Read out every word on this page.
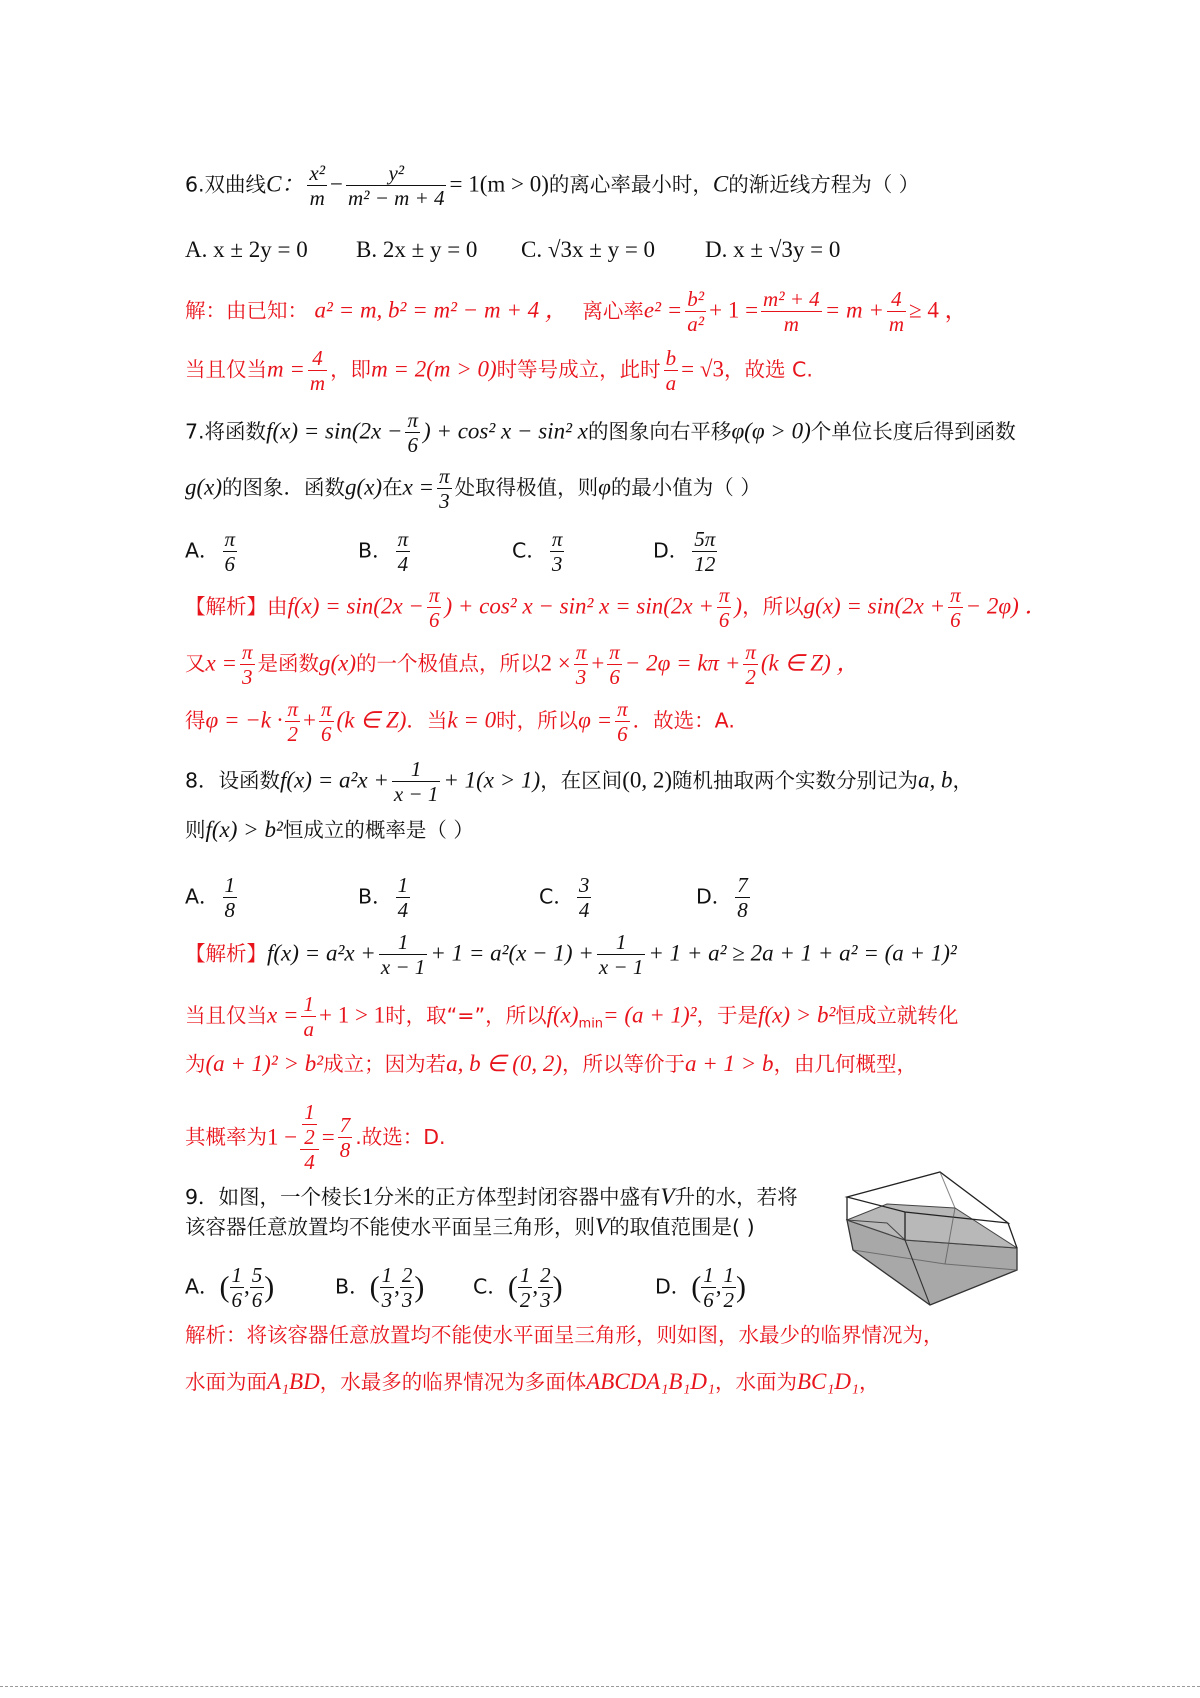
6.双曲线C： $\frac{\text{x²}}{m} - \frac{\text{y²}}{\text{m² − m + 4}} = 1(m > 0)$的离心率最小时，C的渐近线方程为（ ）
A. x ± 2y = 0 B. 2x ± y = 0 C. √3x ± y = 0 D. x ± √3y = 0
解：由已知： a² = m, b² = m² − m + 4 ， 离心率$e^2 = \frac{\text{b²}}{\text{a²}} + 1 = \frac{\text{m² + 4}}{m} = m + \frac{4}{m} \ge 4$ ，
当且仅当$m = \frac{4}{m}$ ，即m = 2(m > 0)时等号成立，此时 $\frac{b}{a} = √3$，故选 C.
7.将函数$f(x) = \sin(2x - \frac{\pi}{6}$ ) + cos² x − sin² x的图象向右平移φ(φ > 0)个单位长度后得到函数
g(x)的图象．函数g(x)在$x = \frac{\pi}{3}$ 处取得极值，则φ的最小值为（ ）
A． $\frac{\pi}{6}$	B． $\frac{\pi}{4}$	C． $\frac{\pi}{3}$	D． $\frac{5\pi}{12}$
【解析】由$f(x) = \sin(2x - \frac{\pi}{6}$ ) + cos² x − sin² $x = \sin(2x + \frac{\pi}{6}$ )，所以$g(x) = \sin(2x + \frac{\pi}{6} - 2\varphi)$ ．
又$x = \frac{\pi}{3}$ 是函数g(x)的一个极值点，所以$2 \times \frac{\pi}{3} + \frac{\pi}{6} - 2\varphi = k\pi + \frac{\pi}{2} (k$ ∈ Z) ，
得$\varphi = -k \cdot \frac{\pi}{2} + \frac{\pi}{6} (k$ ∈ Z)．当k = 0时，所以$\varphi = \frac{\pi}{6}$ ．故选：A.
8．设函数$f(x) = a^2x + \frac{1}{x - 1} + 1(x > 1)$，在区间(0, 2)随机抽取两个实数分别记为a, b，
则f(x) > b²恒成立的概率是（ ）
A． $\frac{1}{8}$	B． $\frac{1}{4}$	C． $\frac{3}{4}$	D． $\frac{7}{8}$
【解析】$f(x) = a^2x + \frac{1}{x - 1} + 1 = a^2(x - 1) + \frac{1}{x - 1} + 1 + a^2 \ge 2a + 1 + a^2 = (a + 1)^2$
当且仅当$x = \frac{1}{a} + 1 > 1$时，取“=”，所以$f(x)_{min}= (a + 1)^2$，于是f(x) > b²恒成立就转化
为(a + 1)² > b²成立；因为若a, b ∈ (0, 2)，所以等价于a + 1 > b，由几何概型，
其概率为$1 - \frac{\frac{1}{2}}{4} = \frac{7}{8}$ .故选：D.
9．如图，一个棱长1分米的正方体型封闭容器中盛有V升的水，若将
该容器任意放置均不能使水平面呈三角形，则V的取值范围是( )
A．( $\frac{1}{6}$ , $\frac{5}{6}$ )	B．( $\frac{1}{3}$ , $\frac{2}{3}$ ) C．( $\frac{1}{2}$ , $\frac{2}{3}$ )	D．( $\frac{1}{6}$ , $\frac{1}{2}$ )
解析：将该容器任意放置均不能使水平面呈三角形，则如图，水最少的临界情况为，
水面为面A₁BD，水最多的临界情况为多面体ABCDA₁B₁D₁，水面为BC₁D₁，
